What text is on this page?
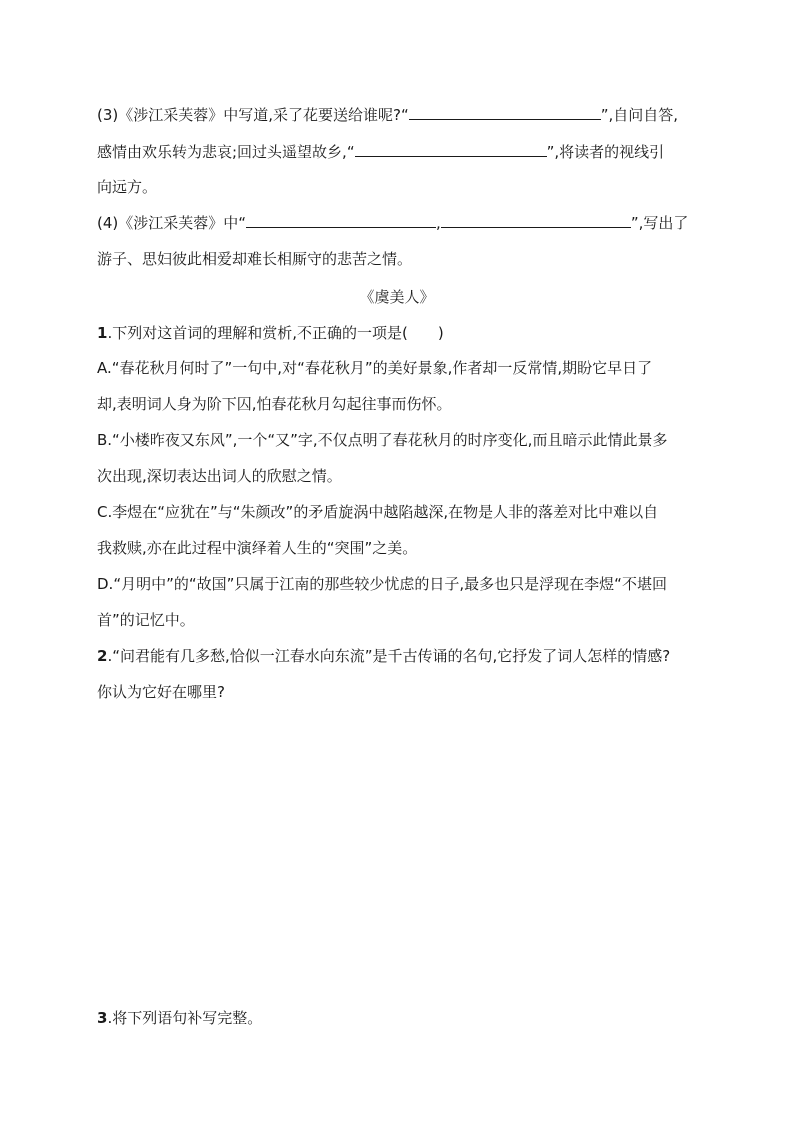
(3)《涉江采芙蓉》中写道,采了花要送给谁呢?“	”,自问自答,
感情由欢乐转为悲哀;回过头遥望故乡,“	”,将读者的视线引
向远方。
(4)《涉江采芙蓉》中“	,	”,写出了
游子、思妇彼此相爱却难长相厮守的悲苦之情。
《虞美人》
1.下列对这首词的理解和赏析,不正确的一项是(　　)
A.“春花秋月何时了”一句中,对“春花秋月”的美好景象,作者却一反常情,期盼它早日了
却,表明词人身为阶下囚,怕春花秋月勾起往事而伤怀。
B.“小楼昨夜又东风”,一个“又”字,不仅点明了春花秋月的时序变化,而且暗示此情此景多
次出现,深切表达出词人的欣慰之情。
C.李煜在“应犹在”与“朱颜改”的矛盾旋涡中越陷越深,在物是人非的落差对比中难以自
我救赎,亦在此过程中演绎着人生的“突围”之美。
D.“月明中”的“故国”只属于江南的那些较少忧虑的日子,最多也只是浮现在李煜“不堪回
首”的记忆中。
2.“问君能有几多愁,恰似一江春水向东流”是千古传诵的名句,它抒发了词人怎样的情感?
你认为它好在哪里?
3.将下列语句补写完整。
